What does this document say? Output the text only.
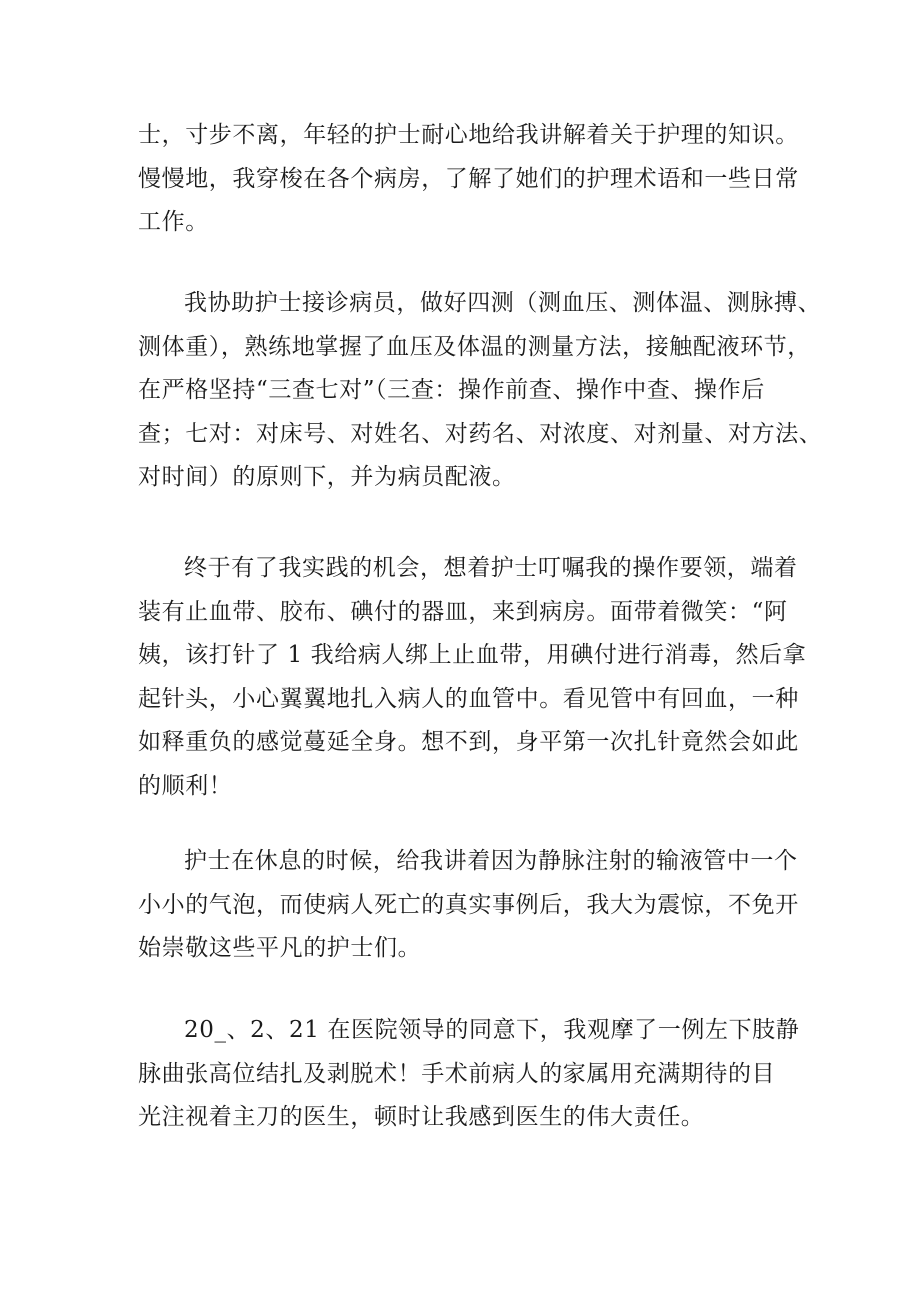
士，寸步不离，年轻的护士耐心地给我讲解着关于护理的知识。
慢慢地，我穿梭在各个病房，了解了她们的护理术语和一些日常
工作。
我协助护士接诊病员，做好四测（测血压、测体温、测脉搏、
测体重），熟练地掌握了血压及体温的测量方法，接触配液环节，
在严格坚持“三查七对”（三查：操作前查、操作中查、操作后
查；七对：对床号、对姓名、对药名、对浓度、对剂量、对方法、
对时间）的原则下，并为病员配液。
终于有了我实践的机会，想着护士叮嘱我的操作要领，端着
装有止血带、胶布、碘付的器皿，来到病房。面带着微笑：“阿
姨，该打针了 1 我给病人绑上止血带，用碘付进行消毒，然后拿
起针头，小心翼翼地扎入病人的血管中。看见管中有回血，一种
如释重负的感觉蔓延全身。想不到，身平第一次扎针竟然会如此
的顺利！
护士在休息的时候，给我讲着因为静脉注射的输液管中一个
小小的气泡，而使病人死亡的真实事例后，我大为震惊，不免开
始崇敬这些平凡的护士们。
20_、2、21 在医院领导的同意下，我观摩了一例左下肢静
脉曲张高位结扎及剥脱术！手术前病人的家属用充满期待的目
光注视着主刀的医生，顿时让我感到医生的伟大责任。
